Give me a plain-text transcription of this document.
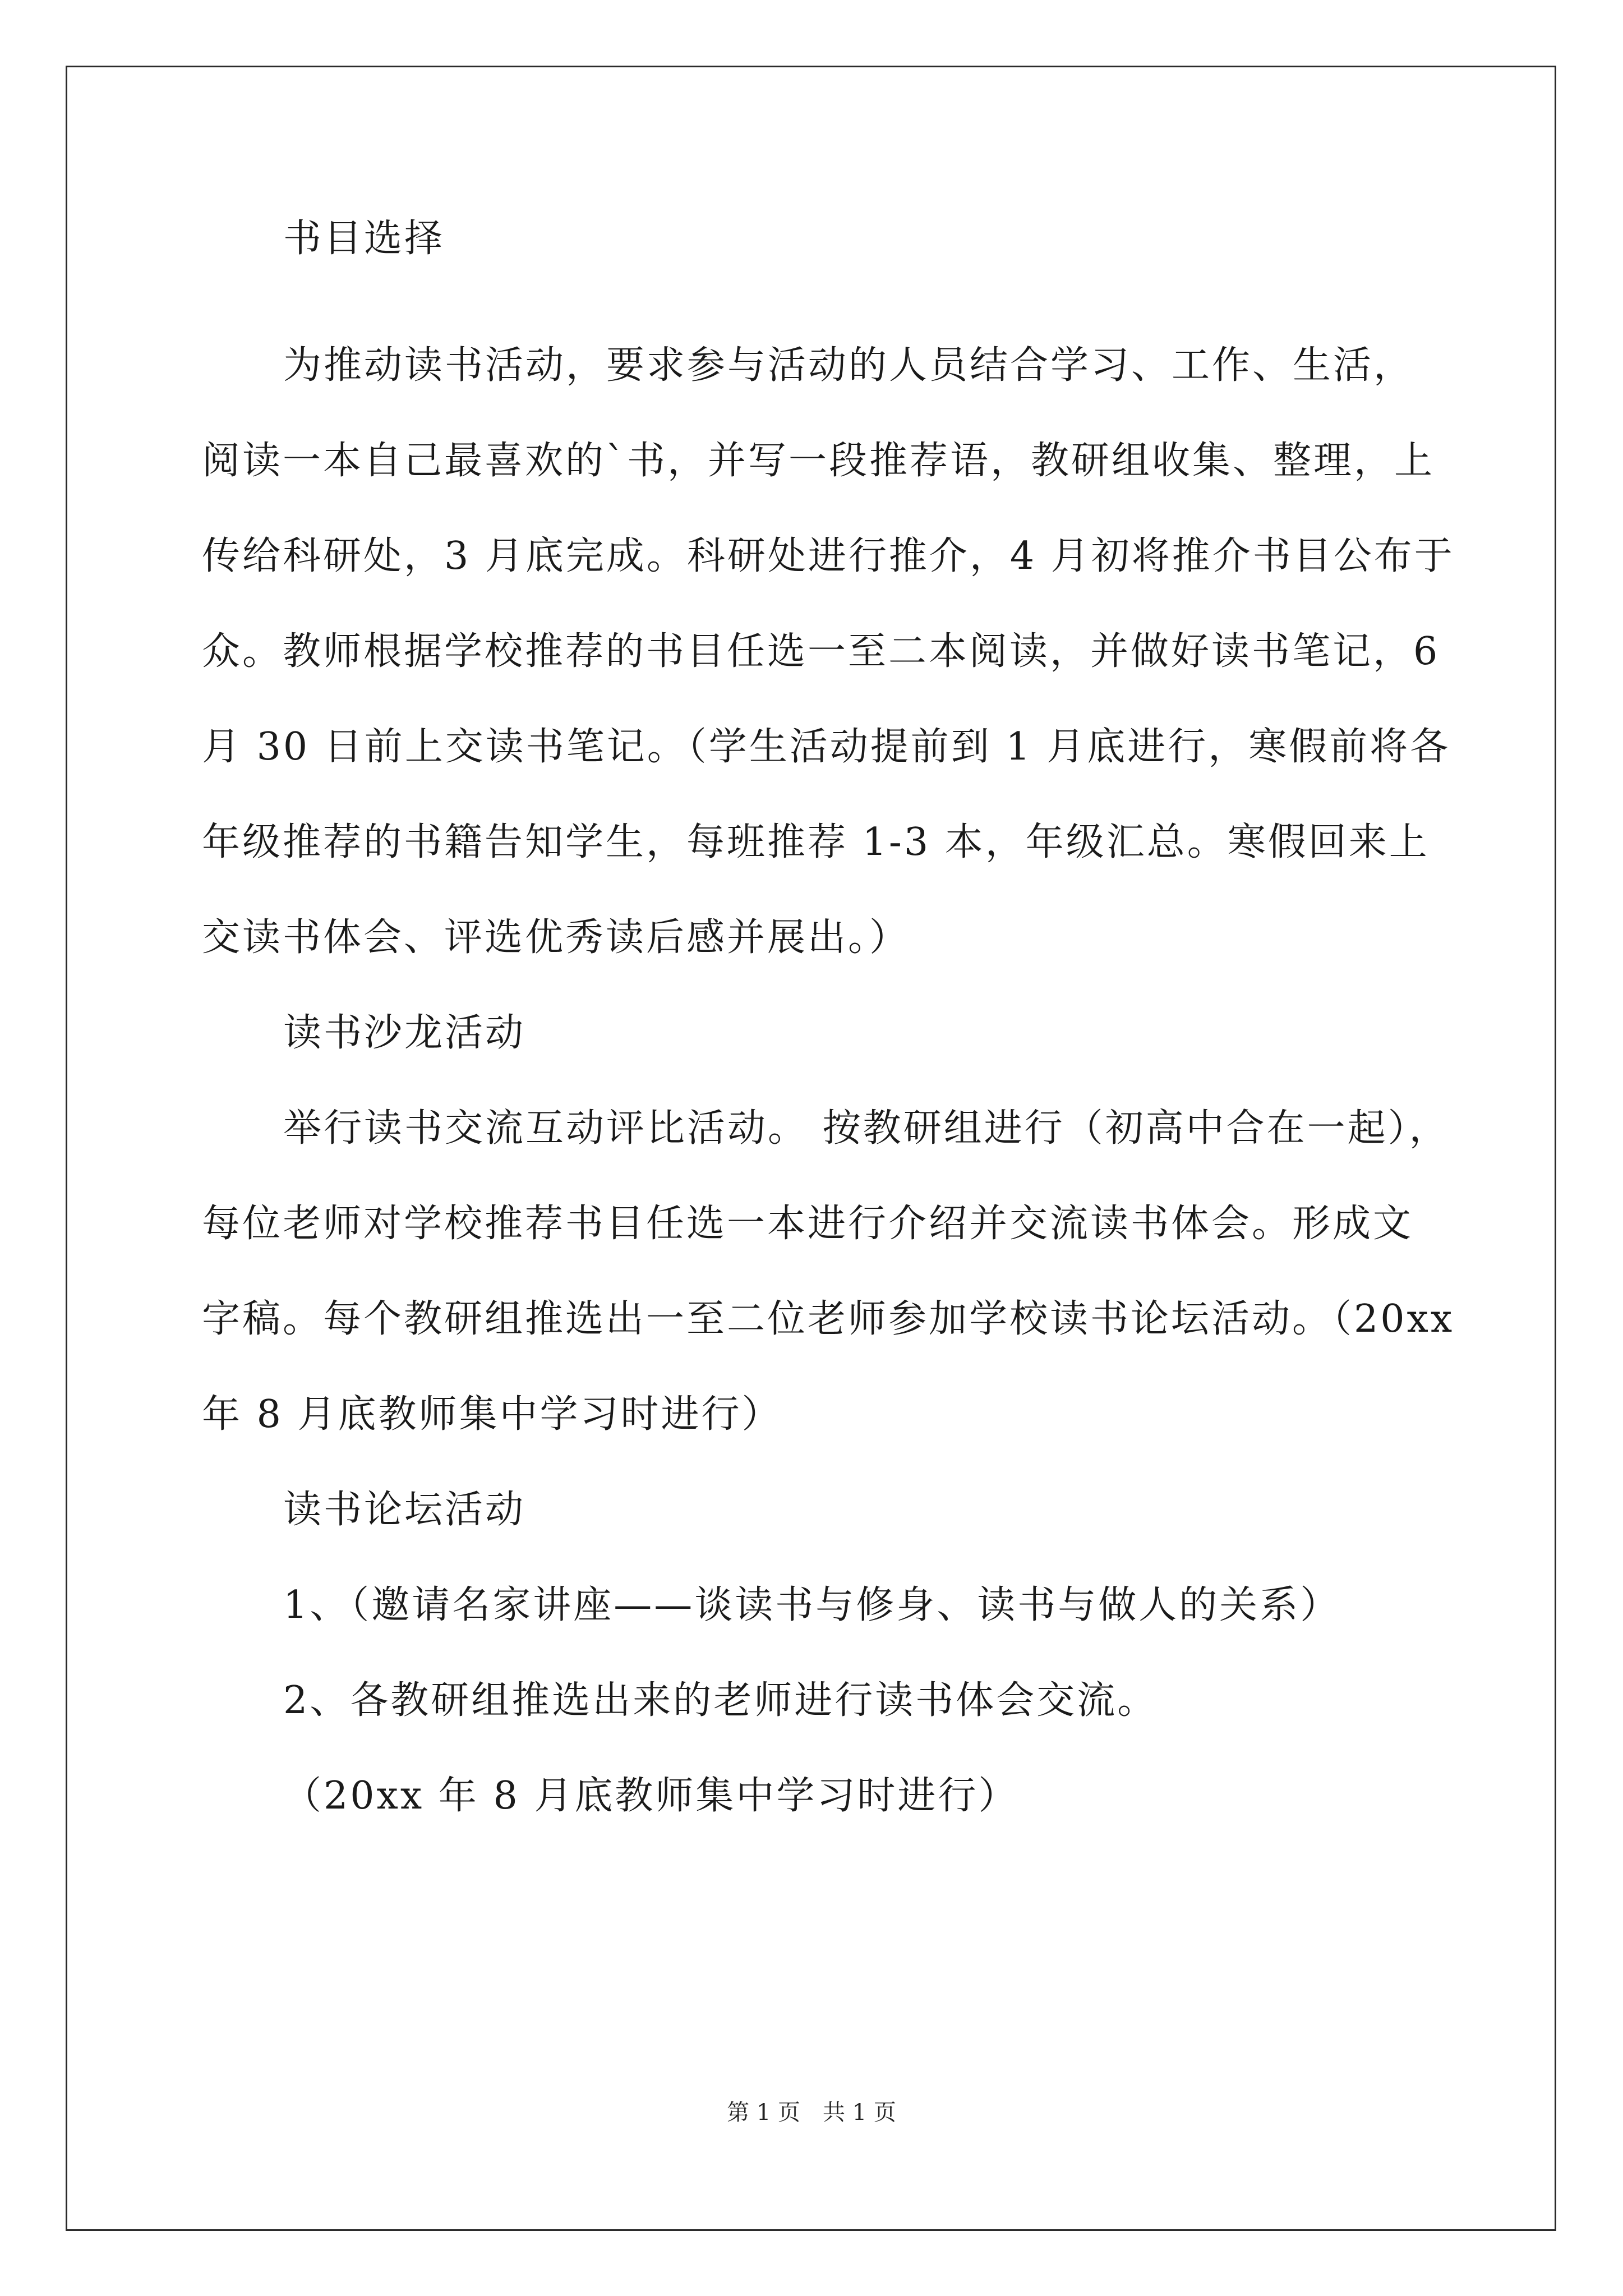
书目选择
为推动读书活动，要求参与活动的人员结合学习、工作、生活，
阅读一本自己最喜欢的`书，并写一段推荐语，教研组收集、整理，上
传给科研处，3 月底完成。科研处进行推介，4 月初将推介书目公布于
众。教师根据学校推荐的书目任选一至二本阅读，并做好读书笔记，6
月 30 日前上交读书笔记。（学生活动提前到 1 月底进行，寒假前将各
年级推荐的书籍告知学生，每班推荐 1-3 本，年级汇总。寒假回来上
交读书体会、评选优秀读后感并展出。）
读书沙龙活动
举行读书交流互动评比活动。 按教研组进行（初高中合在一起），
每位老师对学校推荐书目任选一本进行介绍并交流读书体会。形成文
字稿。每个教研组推选出一至二位老师参加学校读书论坛活动。（20xx
年 8 月底教师集中学习时进行）
读书论坛活动
1、（邀请名家讲座——谈读书与修身、读书与做人的关系）
2、各教研组推选出来的老师进行读书体会交流。
（20xx 年 8 月底教师集中学习时进行）
第 1 页　共 1 页
